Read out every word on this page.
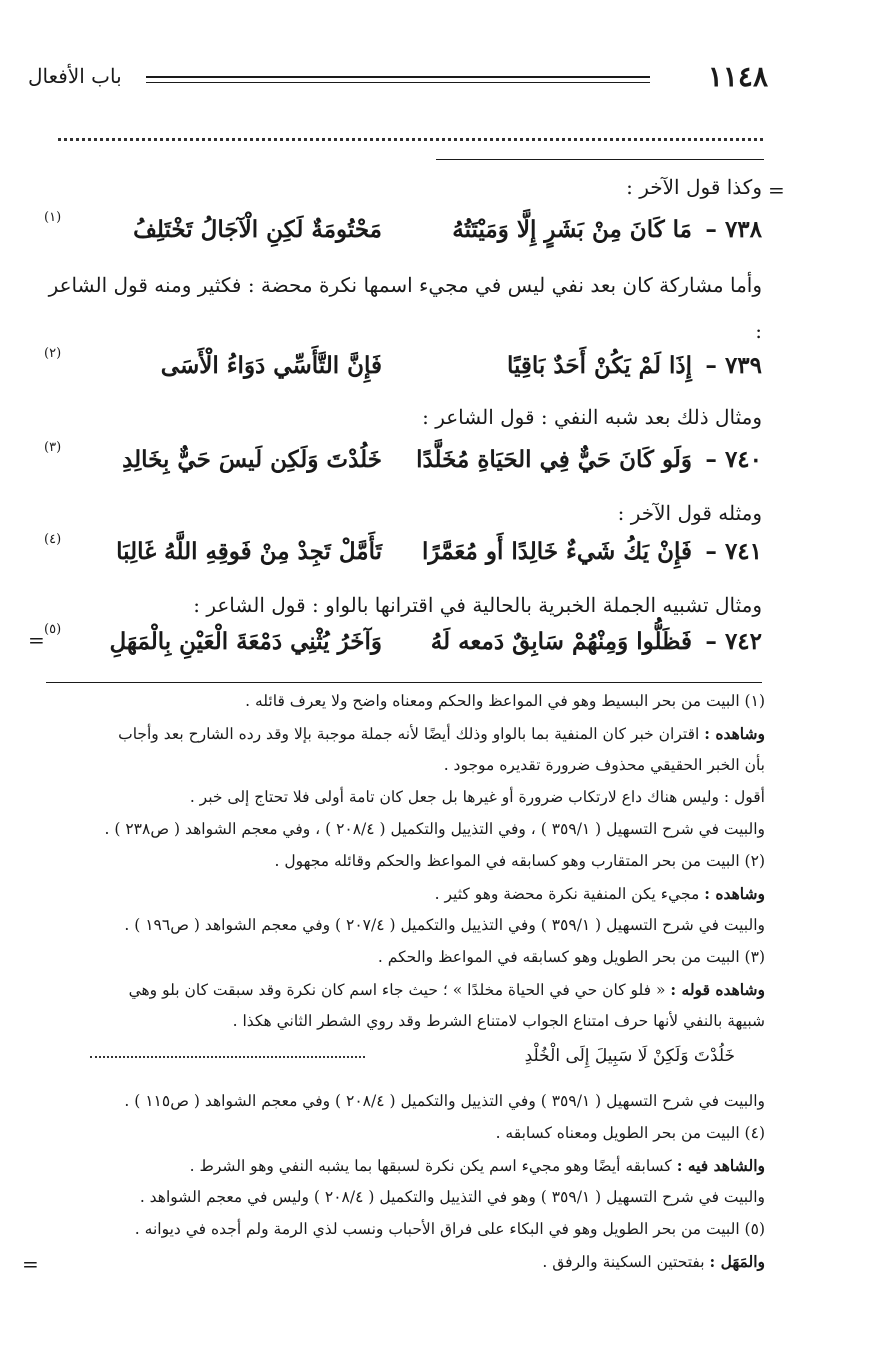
١١٤٨
باب الأفعال
=
=
=
وكذا قول الآخر :
٧٣٨ –
مَا كَانَ مِنْ بَشَرٍ إِلَّا وَمَيْتَتُهُ
مَحْتُومَةٌ لَكِنِ الْآجَالُ تَخْتَلِفُ
(١)
وأما مشاركة كان بعد نفي ليس في مجيء اسمها نكرة محضة : فكثير ومنه قول الشاعر :
٧٣٩ –
إِذَا لَمْ يَكُنْ أَحَدٌ بَاقِيًا
فَإِنَّ التَّأَسِّي دَوَاءُ الْأَسَى
(٢)
ومثال ذلك بعد شبه النفي : قول الشاعر :
٧٤٠ –
وَلَو كَانَ حَيٌّ فِي الحَيَاةِ مُخَلَّدًا
خَلُدْتَ وَلَكِن لَيسَ حَيٌّ بِخَالِدِ
(٣)
ومثله قول الآخر :
٧٤١ –
فَإِنْ يَكُ شَيءٌ خَالِدًا أَو مُعَمَّرًا
تَأَمَّلْ تَجِدْ مِنْ فَوقِهِ اللَّهُ غَالِبَا
(٤)
ومثال تشبيه الجملة الخبرية بالحالية في اقترانها بالواو : قول الشاعر :
٧٤٢ –
فَظَلُّوا وَمِنْهُمْ سَابِقٌ دَمعه لَهُ
وَآخَرُ يُثْنِي دَمْعَةَ الْعَيْنِ بِالْمَهَلِ
(٥)
(١) البيت من بحر البسيط وهو في المواعظ والحكم ومعناه واضح ولا يعرف قائله .
وشاهده : اقتران خبر كان المنفية بما بالواو وذلك أيضًا لأنه جملة موجبة بإلا وقد رده الشارح بعد وأجاب
بأن الخبر الحقيقي محذوف ضرورة تقديره موجود .
أقول : وليس هناك داع لارتكاب ضرورة أو غيرها بل جعل كان تامة أولى فلا تحتاج إلى خبر .
والبيت في شرح التسهيل ( ٣٥٩/١ ) ، وفي التذييل والتكميل ( ٢٠٨/٤ ) ، وفي معجم الشواهد ( ص٢٣٨ ) .
(٢) البيت من بحر المتقارب وهو كسابقه في المواعظ والحكم وقائله مجهول .
وشاهده : مجيء يكن المنفية نكرة محضة وهو كثير .
والبيت في شرح التسهيل ( ٣٥٩/١ ) وفي التذييل والتكميل ( ٢٠٧/٤ ) وفي معجم الشواهد ( ص١٩٦ ) .
(٣) البيت من بحر الطويل وهو كسابقه في المواعظ والحكم .
وشاهده قوله : « فلو كان حي في الحياة مخلدًا » ؛ حيث جاء اسم كان نكرة وقد سبقت كان بلو وهي
شبيهة بالنفي لأنها حرف امتناع الجواب لامتناع الشرط وقد روي الشطر الثاني هكذا .
خَلُدْتَ وَلَكِنْ لَا سَبِيلَ إِلَى الْخُلْدِ
والبيت في شرح التسهيل ( ٣٥٩/١ ) وفي التذييل والتكميل ( ٢٠٨/٤ ) وفي معجم الشواهد ( ص١١٥ ) .
(٤) البيت من بحر الطويل ومعناه كسابقه .
والشاهد فيه : كسابقه أيضًا وهو مجيء اسم يكن نكرة لسبقها بما يشبه النفي وهو الشرط .
والبيت في شرح التسهيل ( ٣٥٩/١ ) وهو في التذييل والتكميل ( ٢٠٨/٤ ) وليس في معجم الشواهد .
(٥) البيت من بحر الطويل وهو في البكاء على فراق الأحباب ونسب لذي الرمة ولم أجده في ديوانه .
والمَهَل : بفتحتين السكينة والرفق .
